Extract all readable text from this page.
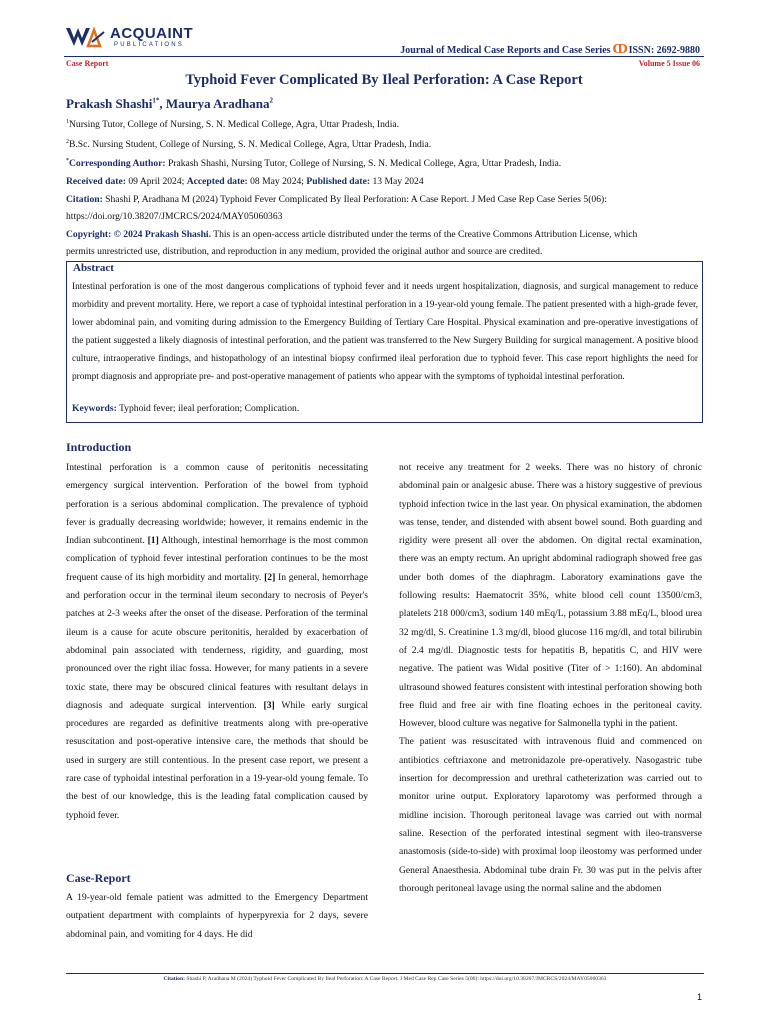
ACQUAINT
PUBLICATIONS	Journal of Medical Case Reports and Case Series ↀISSN: 2692-9880
Case Report	Volume 5 Issue 06
Typhoid Fever Complicated By Ileal Perforation: A Case Report
Prakash Shashi$^{1*}$, Maurya Aradhana$^2$
$^1$Nursing Tutor, College of Nursing, S. N. Medical College, Agra, Uttar Pradesh, India.
$^2$B.Sc. Nursing Student, College of Nursing, S. N. Medical College, Agra, Uttar Pradesh, India.
*Corresponding Author: Prakash Shashi, Nursing Tutor, College of Nursing, S. N. Medical College, Agra, Uttar Pradesh, India.
Received date: 09 April 2024; Accepted date: 08 May 2024; Published date: 13 May 2024
Citation: Shashi P, Aradhana M (2024) Typhoid Fever Complicated By Ileal Perforation: A Case Report. J Med Case Rep Case Series 5(06):
https://doi.org/10.38207/JMCRCS/2024/MAY05060363
Copyright: © 2024 Prakash Shashi. This is an open-access article distributed under the terms of the Creative Commons Attribution License, which
permits unrestricted use, distribution, and reproduction in any medium, provided the original author and source are credited.
Abstract
Intestinal perforation is one of the most dangerous complications of typhoid fever and it needs urgent hospitalization, diagnosis, and surgical management to reduce morbidity and prevent mortality. Here, we report a case of typhoidal intestinal perforation in a 19-year-old young female. The patient presented with a high-grade fever, lower abdominal pain, and vomiting during admission to the Emergency Building of Tertiary Care Hospital. Physical examination and pre-operative investigations of the patient suggested a likely diagnosis of intestinal perforation, and the patient was transferred to the New Surgery Building for surgical management. A positive blood culture, intraoperative findings, and histopathology of an intestinal biopsy confirmed ileal perforation due to typhoid fever. This case report highlights the need for prompt diagnosis and appropriate pre- and post-operative management of patients who appear with the symptoms of typhoidal intestinal perforation.
Keywords: Typhoid fever; ileal perforation; Complication.
Introduction

Intestinal perforation is a common cause of peritonitis necessitating emergency surgical intervention. Perforation of the bowel from typhoid perforation is a serious abdominal complication. The prevalence of typhoid fever is gradually decreasing worldwide; however, it remains endemic in the Indian subcontinent. [1] Although, intestinal hemorrhage is the most common complication of typhoid fever intestinal perforation continues to be the most frequent cause of its high morbidity and mortality. [2] In general, hemorrhage and perforation occur in the terminal ileum secondary to necrosis of Peyer's patches at 2-3 weeks after the onset of the disease. Perforation of the terminal ileum is a cause for acute obscure peritonitis, heralded by exacerbation of abdominal pain associated with tenderness, rigidity, and guarding, most pronounced over the right iliac fossa. However, for many patients in a severe toxic state, there may be obscured clinical features with resultant delays in diagnosis and adequate surgical intervention. [3] While early surgical procedures are regarded as definitive treatments along with pre-operative resuscitation and post-operative intensive care, the methods that should be used in surgery are still contentious. In the present case report, we present a rare case of typhoidal intestinal perforation in a 19-year-old young female. To the best of our knowledge, this is the leading fatal complication caused by typhoid fever.

Case-Report

A 19-year-old female patient was admitted to the Emergency Department outpatient department with complaints of hyperpyrexia for 2 days, severe abdominal pain, and vomiting for 4 days. He did

not receive any treatment for 2 weeks. There was no history of chronic abdominal pain or analgesic abuse. There was a history suggestive of previous typhoid infection twice in the last year. On physical examination, the abdomen was tense, tender, and distended with absent bowel sound. Both guarding and rigidity were present all over the abdomen. On digital rectal examination, there was an empty rectum. An upright abdominal radiograph showed free gas under both domes of the diaphragm. Laboratory examinations gave the following results: Haematocrit 35%, white blood cell count 13500/cm3, platelets 218 000/cm3, sodium 140 mEq/L, potassium 3.88 mEq/L, blood urea 32 mg/dl, S. Creatinine 1.3 mg/dl, blood glucose 116 mg/dl, and total bilirubin of 2.4 mg/dl. Diagnostic tests for hepatitis B, hepatitis C, and HIV were negative. The patient was Widal positive (Titer of > 1:160). An abdominal ultrasound showed features consistent with intestinal perforation showing both free fluid and free air with fine floating echoes in the peritoneal cavity. However, blood culture was negative for Salmonella typhi in the patient.

The patient was resuscitated with intravenous fluid and commenced on antibiotics ceftriaxone and metronidazole pre-operatively. Nasogastric tube insertion for decompression and urethral catheterization was carried out to monitor urine output. Exploratory laparotomy was performed through a midline incision. Thorough peritoneal lavage was carried out with normal saline. Resection of the perforated intestinal segment with ileo-transverse anastomosis (side-to-side) with proximal loop ileostomy was performed under General Anaesthesia. Abdominal tube drain Fr. 30 was put in the pelvis after thorough peritoneal lavage using the normal saline and the abdomen

Citation: Shashi P, Aradhana M (2024) Typhoid Fever Complicated By Ileal Perforation: A Case Report. J Med Case Rep Case Series 5(06): https://doi.org/10.38207/JMCRCS/2024/MAY05060363
1
